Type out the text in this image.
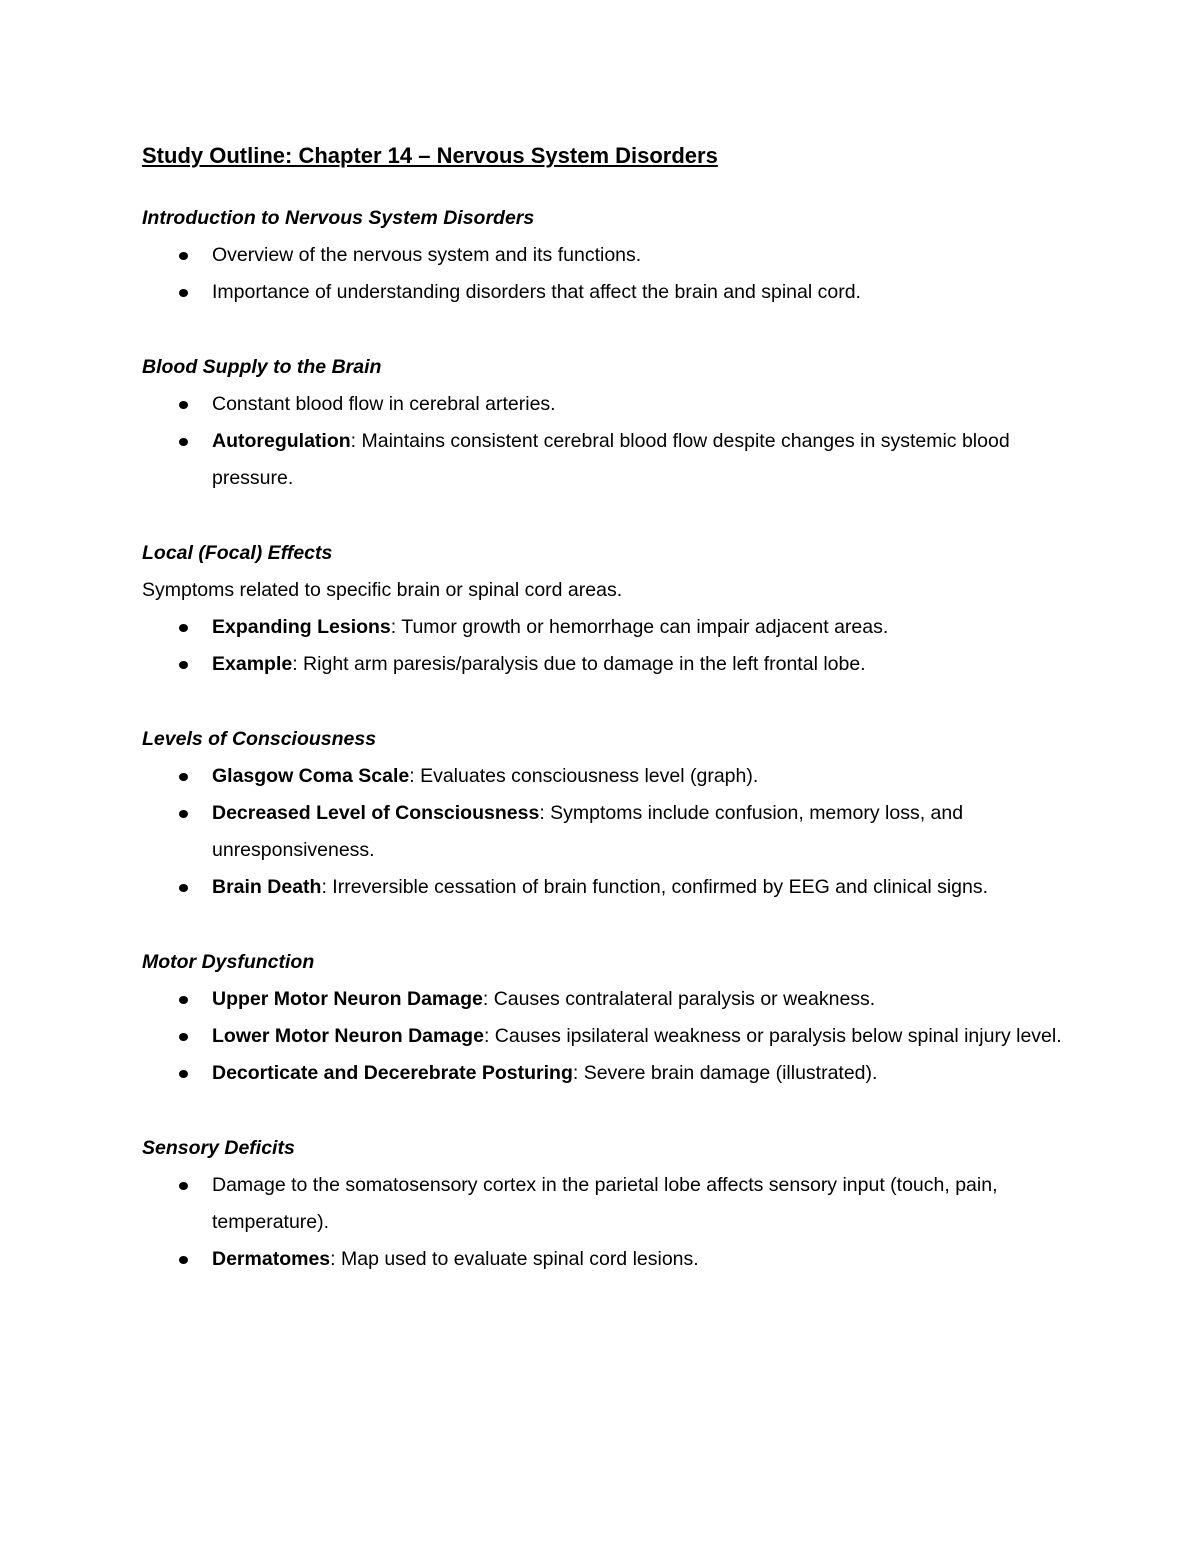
Study Outline: Chapter 14 – Nervous System Disorders
Introduction to Nervous System Disorders
Overview of the nervous system and its functions.
Importance of understanding disorders that affect the brain and spinal cord.
Blood Supply to the Brain
Constant blood flow in cerebral arteries.
Autoregulation: Maintains consistent cerebral blood flow despite changes in systemic blood pressure.
Local (Focal) Effects
Symptoms related to specific brain or spinal cord areas.
Expanding Lesions: Tumor growth or hemorrhage can impair adjacent areas.
Example: Right arm paresis/paralysis due to damage in the left frontal lobe.
Levels of Consciousness
Glasgow Coma Scale: Evaluates consciousness level (graph).
Decreased Level of Consciousness: Symptoms include confusion, memory loss, and unresponsiveness.
Brain Death: Irreversible cessation of brain function, confirmed by EEG and clinical signs.
Motor Dysfunction
Upper Motor Neuron Damage: Causes contralateral paralysis or weakness.
Lower Motor Neuron Damage: Causes ipsilateral weakness or paralysis below spinal injury level.
Decorticate and Decerebrate Posturing: Severe brain damage (illustrated).
Sensory Deficits
Damage to the somatosensory cortex in the parietal lobe affects sensory input (touch, pain, temperature).
Dermatomes: Map used to evaluate spinal cord lesions.
